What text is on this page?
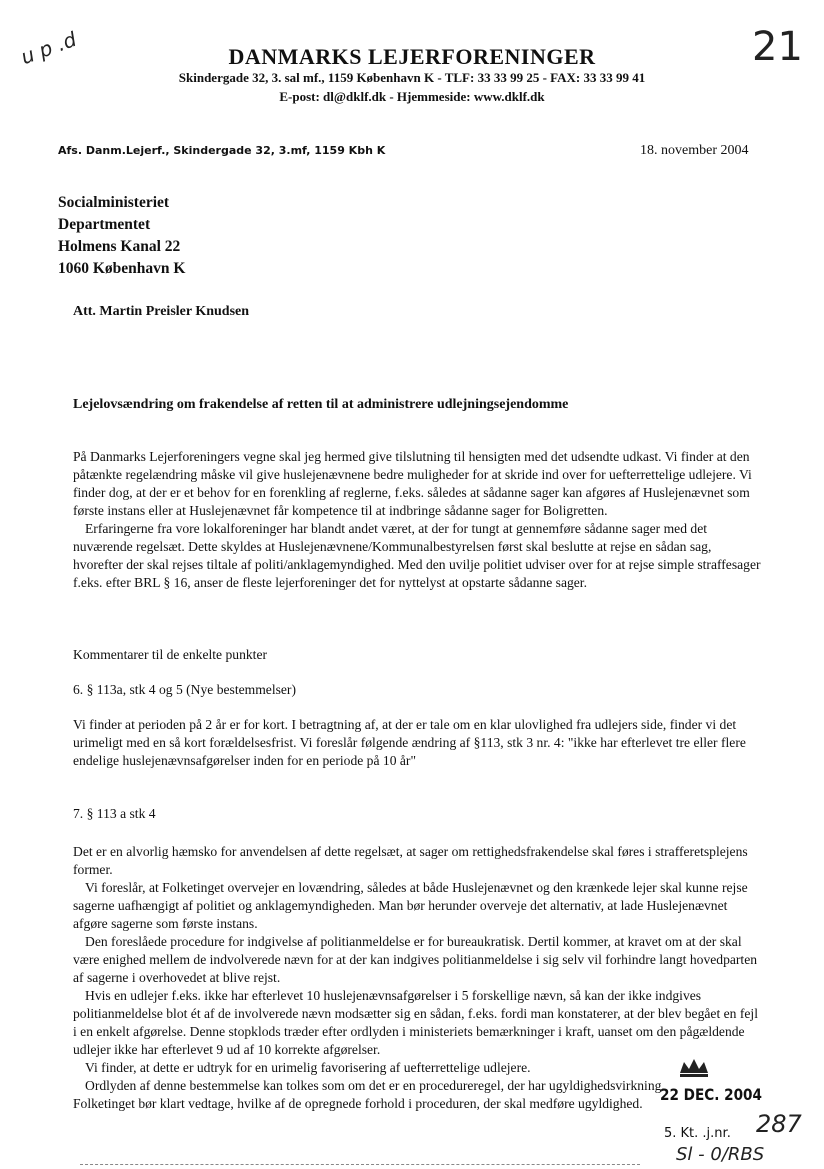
u p .d	21
DANMARKS LEJERFORENINGER
Skindergade 32, 3. sal mf., 1159 København K - TLF: 33 33 99 25 - FAX: 33 33 99 41
E-post: dl@dklf.dk - Hjemmeside: www.dklf.dk
Afs. Danm.Lejerf., Skindergade 32, 3.mf, 1159 Kbh K	18. november 2004
Socialministeriet
Departmentet
Holmens Kanal 22
1060 København K
Att. Martin Preisler Knudsen
Lejelovsændring om frakendelse af retten til at administrere udlejningsejendomme

På Danmarks Lejerforeningers vegne skal jeg hermed give tilslutning til hensigten med det udsendte udkast. Vi finder at den påtænkte regelændring måske vil give huslejenævnene bedre muligheder for at skride ind over for uefterrettelige udlejere. Vi finder dog, at der er et behov for en forenkling af reglerne, f.eks. således at sådanne sager kan afgøres af Huslejenævnet som første instans eller at Huslejenævnet får kompetence til at indbringe sådanne sager for Boligretten.

Erfaringerne fra vore lokalforeninger har blandt andet været, at der for tungt at gennemføre sådanne sager med det nuværende regelsæt. Dette skyldes at Huslejenævnene/Kommunalbestyrelsen først skal beslutte at rejse en sådan sag, hvorefter der skal rejses tiltale af politi/anklagemyndighed. Med den uvilje politiet udviser over for at rejse simple straffesager f.eks. efter BRL § 16, anser de fleste lejerforeninger det for nyttelyst at opstarte sådanne sager.

Kommentarer til de enkelte punkter
6. § 113a, stk 4 og 5 (Nye bestemmelser)
Vi finder at perioden på 2 år er for kort. I betragtning af, at der er tale om en klar ulovlighed fra udlejers side, finder vi det urimeligt med en så kort forældelsesfrist. Vi foreslår følgende ændring af §113, stk 3 nr. 4: "ikke har efterlevet tre eller flere endelige huslejenævnsafgørelser inden for en periode på 10 år"
7. § 113 a stk 4

Det er en alvorlig hæmsko for anvendelsen af dette regelsæt, at sager om rettighedsfrakendelse skal føres i strafferetsplejens former.

Vi foreslår, at Folketinget overvejer en lovændring, således at både Huslejenævnet og den krænkede lejer skal kunne rejse sagerne uafhængigt af politiet og anklagemyndigheden. Man bør herunder overveje det alternativ, at lade Huslejenævnet afgøre sagerne som første instans.

Den foreslåede procedure for indgivelse af politianmeldelse er for bureaukratisk. Dertil kommer, at kravet om at der skal være enighed mellem de indvolverede nævn for at der kan indgives politianmeldelse i sig selv vil forhindre langt hovedparten af sagerne i overhovedet at blive rejst.

Hvis en udlejer f.eks. ikke har efterlevet 10 huslejenævnsafgørelser i 5 forskellige nævn, så kan der ikke indgives politianmeldelse blot ét af de involverede nævn modsætter sig en sådan, f.eks. fordi man konstaterer, at der blev begået en fejl i en enkelt afgørelse. Denne stopklods træder efter ordlyden i ministeriets bemærkninger i kraft, uanset om den pågældende udlejer ikke har efterlevet 9 ud af 10 korrekte afgørelser.

Vi finder, at dette er udtryk for en urimelig favorisering af uefterrettelige udlejere.

Ordlyden af denne bestemmelse kan tolkes som om det er en procedureregel, der har ugyldighedsvirkning.

Folketinget bør klart vedtage, hvilke af de opregnede forhold i proceduren, der skal medføre ugyldighed.	22 DEC. 2004
5. Kt. .j.nr. 287
Sl - 0/RBS
